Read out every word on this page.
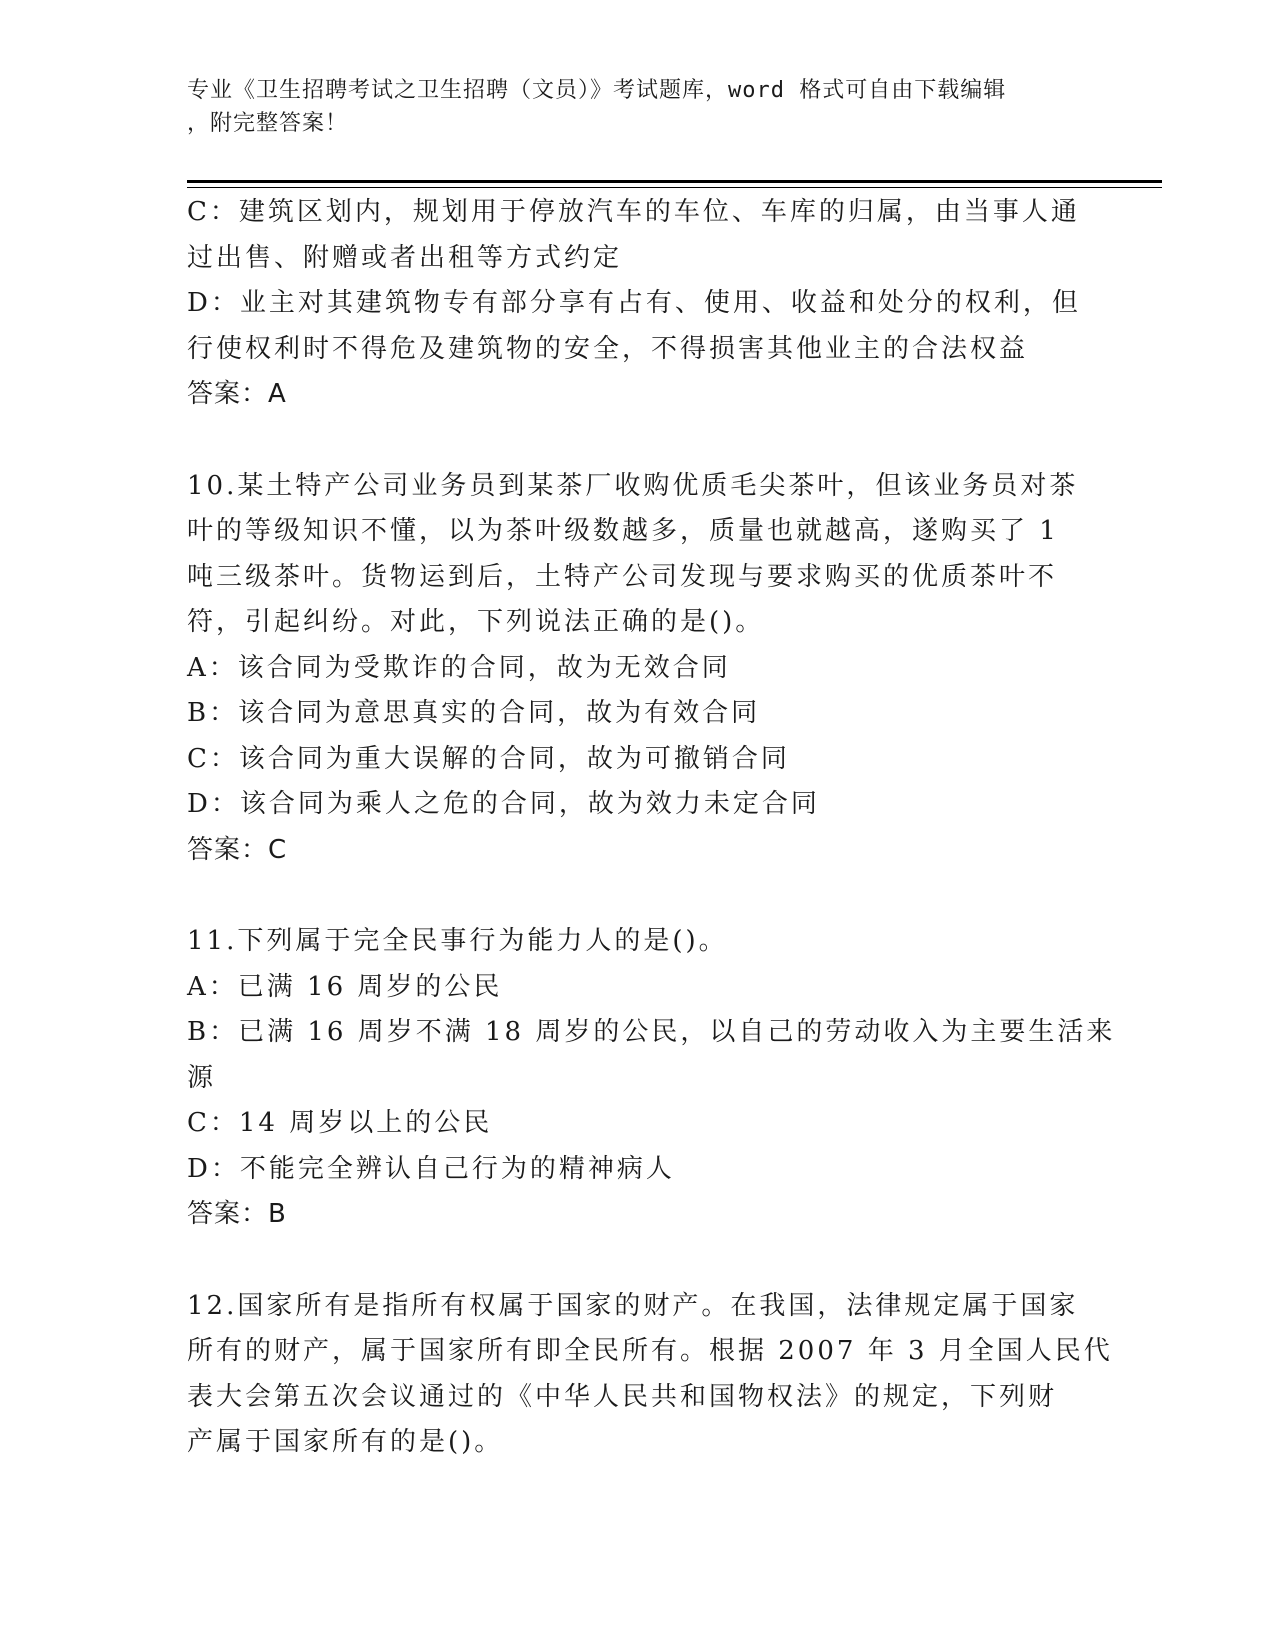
专业《卫生招聘考试之卫生招聘（文员）》考试题库，word 格式可自由下载编辑
，附完整答案！
C：建筑区划内，规划用于停放汽车的车位、车库的归属，由当事人通
过出售、附赠或者出租等方式约定
D：业主对其建筑物专有部分享有占有、使用、收益和处分的权利，但
行使权利时不得危及建筑物的安全，不得损害其他业主的合法权益
答案：A
10.某土特产公司业务员到某茶厂收购优质毛尖茶叶，但该业务员对茶
叶的等级知识不懂，以为茶叶级数越多，质量也就越高，遂购买了 1
吨三级茶叶。货物运到后，土特产公司发现与要求购买的优质茶叶不
符，引起纠纷。对此，下列说法正确的是()。
A：该合同为受欺诈的合同，故为无效合同
B：该合同为意思真实的合同，故为有效合同
C：该合同为重大误解的合同，故为可撤销合同
D：该合同为乘人之危的合同，故为效力未定合同
答案：C
11.下列属于完全民事行为能力人的是()。
A：已满 16 周岁的公民
B：已满 16 周岁不满 18 周岁的公民，以自己的劳动收入为主要生活来
源
C：14 周岁以上的公民
D：不能完全辨认自己行为的精神病人
答案：B
12.国家所有是指所有权属于国家的财产。在我国，法律规定属于国家
所有的财产，属于国家所有即全民所有。根据 2007 年 3 月全国人民代
表大会第五次会议通过的《中华人民共和国物权法》的规定，下列财
产属于国家所有的是()。
